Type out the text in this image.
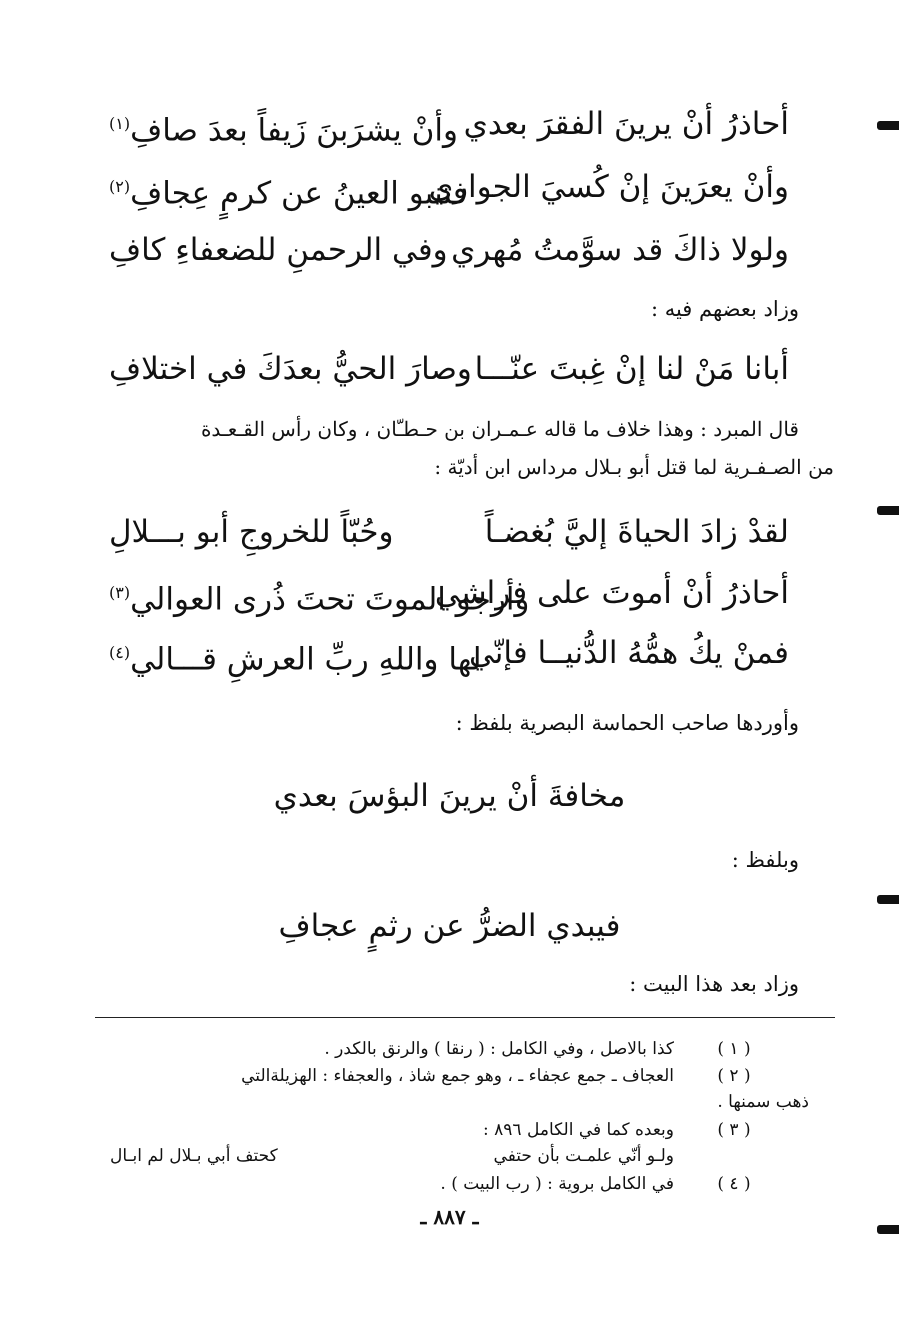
أحاذرُ أنْ يرينَ الفقرَ بعدي
وأنْ يشرَبنَ زَيفاً بعدَ صافِ$^{(١)}$
وأنْ يعرَينَ إنْ كُسيَ الجواري
فتنبو العينُ عن كرمٍ عِجافِ$^{(٢)}$
ولولا ذاكَ قد سوَّمتُ مُهري
وفي الرحمنِ للضعفاءِ كافِ
وزاد بعضهم فيه :
أبانا مَنْ لنا إنْ غِبتَ عنّـــا
وصارَ الحيُّ بعدَكَ في اختلافِ
قال المبرد : وهذا خلاف ما قاله عـمـران بن حـطـّان ، وكان رأس القـعـدة
من الصـفـرية لما قتل أبو بـلال مرداس ابن أديّة :
لقدْ زادَ الحياةَ إليَّ بُغضـاً
وحُبّاً للخروجِ أبو بـــلالِ
أحاذرُ أنْ أموتَ على فراشي
وأرجو الموتَ تحتَ ذُرى العوالي$^{(٣)}$
فمنْ يكُ همُّهُ الدُّنيــا فإنّي
لها واللهِ ربِّ العرشِ قـــالي$^{(٤)}$
وأوردها صاحب الحماسة البصرية بلفظ :
مخافةَ أنْ يرينَ البؤسَ بعدي
وبلفظ :
فيبدي الضرُّ عن رثمٍ عجافِ
وزاد بعد هذا البيت :
( ١ )
كذا بالاصل ، وفي الكامل : ( رنقا ) والرنق بالكدر .
( ٢ )
العجاف ـ جمع عجفاء ـ ، وهو جمع شاذ ، والعجفاء : الهزيلةالتي
ذهب سمنها .
( ٣ )
وبعده كما في الكامل ٨٩٦ :
ولـو أنّي علمـت بأن حتفي
كحتف أبي بـلال لم ابـال
( ٤ )
في الكامل بروية : ( رب البيت ) .
ـ ٨٨٧ ـ
